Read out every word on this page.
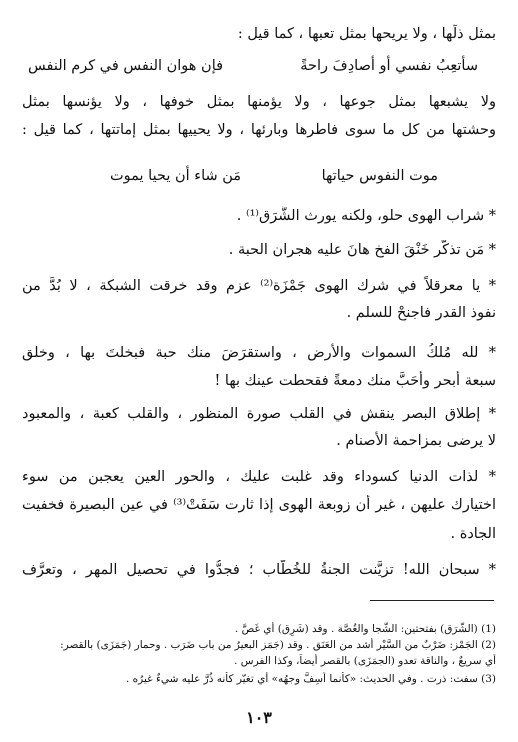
بمثل ذلِّها ، ولا يريحها بمثل تعبها ، كما قيل :
سأتعِبُ نفسي أو أصادِفَ راحةً
فإن هوان النفس في كرم النفس
ولا يشبعها بمثل جوعها ، ولا يؤمنها بمثل خوفها ، ولا يؤنسها بمثل
وحشتها من كل ما سوى فاطرها وبارئها ، ولا يحييها بمثل إماتتها ، كما قيل :
موت النفوس حياتها
مَن شاء أن يحيا يموت
* شراب الهوى حلو، ولكنه يورث الشَّرَق⁽¹⁾ .
* مَن تذكَّر خَنْقَ الفخ هانَ عليه هجران الحبة .
* يا معرقلاً في شرك الهوى جَمْزَة⁽²⁾ عزم وقد خرقت الشبكة ، لا بُدَّ من
نفوذ القدر فاجنحْ للسلم .
* لله مُلكُ السموات والأرض ، واستقرَضَ منك حبة فبخلتَ بها ، وخلق
سبعة أبحر وأَحَبَّ منك دمعةً فقحطت عينك بها !
* إطلاق البصر ينقش في القلب صورة المنظور ، والقلب كعبة ، والمعبود
لا يرضى بمزاحمة الأصنام .
* لذات الدنيا كسوداء وقد غلبت عليك ، والحور العين يعجبن من سوء
اختيارك عليهن ، غير أن زوبعة الهوى إذا ثارت سَفَتْ⁽³⁾ في عين البصيرة فخفيت
الجادة .
* سبحان الله! تزيَّنت الجنةُ للخُطَّاب ؛ فجدُّوا في تحصيل المهر ، وتعرَّف
(1) (الشَّرَق) بفتحتين: الشَّجا والغُصَّة . وقد (شَرِق) أي غَصَّ .
(2) الجَمْز: ضَرْبٌ من السَّيْر أشد من العَنَق . وقد (جَمَز البعيرُ من باب ضَرَب . وحمار (جَمَزَى) بالقصر:
أي سريعٌ ، والناقة تعدو (الجمَزَى) بالقصر أيضاً، وكذا الفرس .
(3) سفت: ذرت . وفي الحديث: «كأنما أُسِفَّ وجهُه» أي تغيّر كأنه ذُرَّ عليه شيءٌ غيرُه .
١٠٣
